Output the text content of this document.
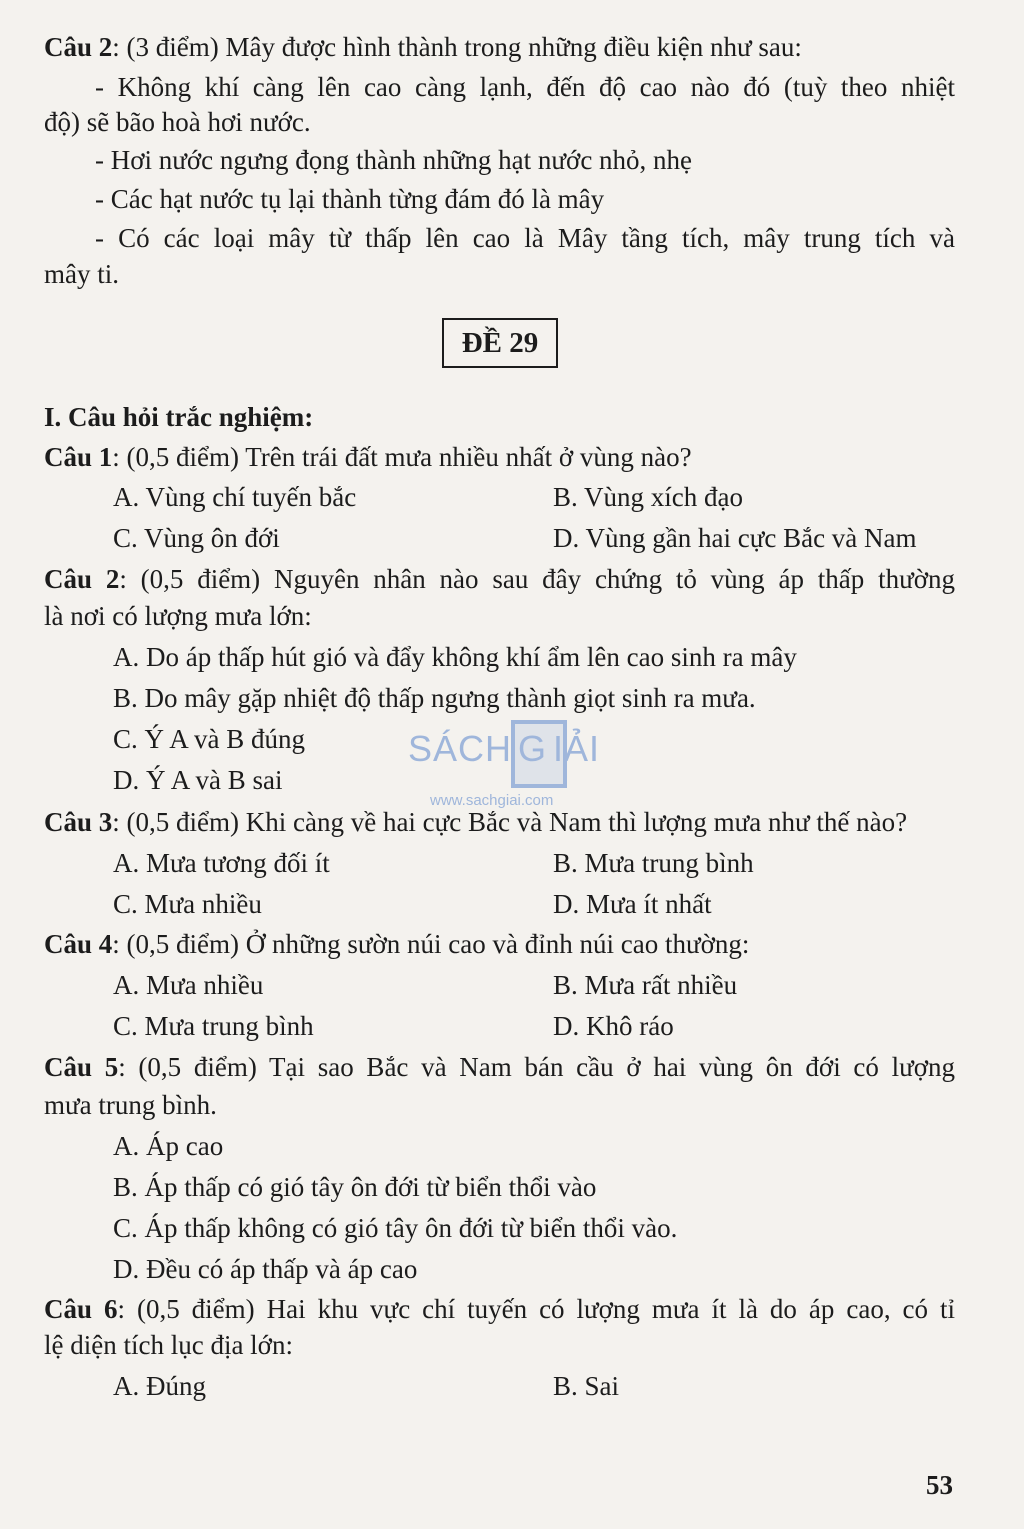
Câu 2: (3 điểm) Mây được hình thành trong những điều kiện như sau:
- Không khí càng lên cao càng lạnh, đến độ cao nào đó (tuỳ theo nhiệt
độ) sẽ bão hoà hơi nước.
- Hơi nước ngưng đọng thành những hạt nước nhỏ, nhẹ
- Các hạt nước tụ lại thành từng đám đó là mây
- Có các loại mây từ thấp lên cao là Mây tầng tích, mây trung tích và
mây ti.
ĐỀ 29
I. Câu hỏi trắc nghiệm:
Câu 1: (0,5 điểm) Trên trái đất mưa nhiều nhất ở vùng nào?
A. Vùng chí tuyến bắc	B. Vùng xích đạo
C. Vùng ôn đới	D. Vùng gần hai cực Bắc và Nam
Câu 2: (0,5 điểm) Nguyên nhân nào sau đây chứng tỏ vùng áp thấp thường
là nơi có lượng mưa lớn:
A. Do áp thấp hút gió và đẩy không khí ẩm lên cao sinh ra mây
B. Do mây gặp nhiệt độ thấp ngưng thành giọt sinh ra mưa.
C. Ý A và B đúng
D. Ý A và B sai
Câu 3: (0,5 điểm) Khi càng về hai cực Bắc và Nam thì lượng mưa như thế nào?
A. Mưa tương đối ít	B. Mưa trung bình
C. Mưa nhiều	D. Mưa ít nhất
Câu 4: (0,5 điểm) Ở những sườn núi cao và đỉnh núi cao thường:
A. Mưa nhiều	B. Mưa rất nhiều
C. Mưa trung bình	D. Khô ráo
Câu 5: (0,5 điểm) Tại sao Bắc và Nam bán cầu ở hai vùng ôn đới có lượng
mưa trung bình.
A. Áp cao
B. Áp thấp có gió tây ôn đới từ biển thổi vào
C. Áp thấp không có gió tây ôn đới từ biển thổi vào.
D. Đều có áp thấp và áp cao
Câu 6: (0,5 điểm) Hai khu vực chí tuyến có lượng mưa ít là do áp cao, có tỉ
lệ diện tích lục địa lớn:
A. Đúng	B. Sai
SÁCH G IẢI
www.sachgiai.com
53
